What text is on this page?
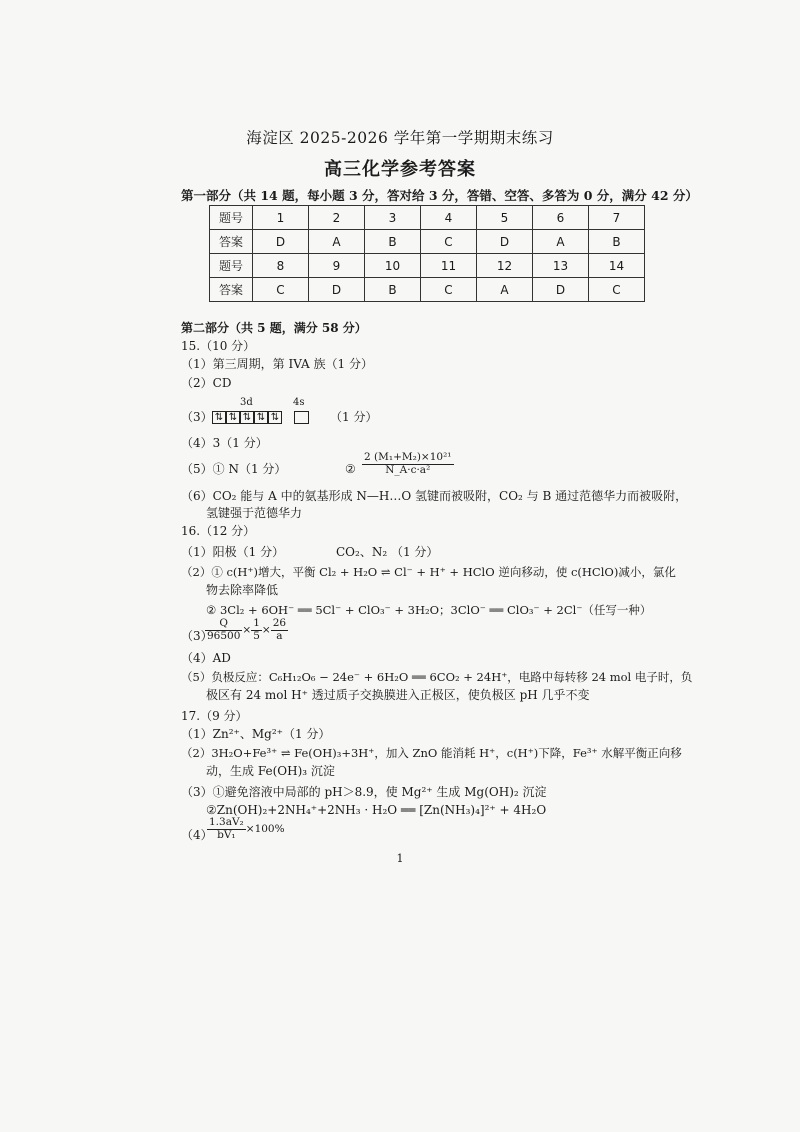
海淀区 2025-2026 学年第一学期期末练习
高三化学参考答案
第一部分（共 14 题，每小题 3 分，答对给 3 分，答错、空答、多答为 0 分，满分 42 分）
题号	1	2	3	4	5	6	7
答案	D	A	B	C	D	A	B
题号	8	9	10	11	12	13	14
答案	C	D	B	C	A	D	C
第二部分（共 5 题，满分 58 分）
15.（10 分）
（1）第三周期，第 IVA 族（1 分）
（2）CD
（3）
3d	4s
⇅ ⇅ ⇅ ⇅ ⇅	（1 分）
（4）3（1 分）
（5）① N（1 分）	② $\frac{\text{2 (M₁+M₂)×10²¹}}{\text{N\_A·c·a²}}$
（6）CO₂ 能与 A 中的氨基形成 N—H…O 氢键而被吸附，CO₂ 与 B 通过范德华力而被吸附，
氢键强于范德华力
16.（12 分）
（1）阳极（1 分）	CO₂、N₂ （1 分）
（2）① c(H⁺)增大，平衡 Cl₂ + H₂O ⇌ Cl⁻ + H⁺ + HClO 逆向移动，使 c(HClO)减小，氯化
物去除率降低
② 3Cl₂ + 6OH⁻ ══ 5Cl⁻ + ClO₃⁻ + 3H₂O；3ClO⁻ ══ ClO₃⁻ + 2Cl⁻（任写一种）
（3）
$\frac{Q}{96500} \times \frac{1}{5} \times \frac{26}{a}$
（4）AD
（5）负极反应：C₆H₁₂O₆ − 24e⁻ + 6H₂O ══ 6CO₂ + 24H⁺，电路中每转移 24 mol 电子时，负
极区有 24 mol H⁺ 透过质子交换膜进入正极区，使负极区 pH 几乎不变
17.（9 分）
（1）Zn²⁺、Mg²⁺（1 分）
（2）3H₂O+Fe³⁺ ⇌ Fe(OH)₃+3H⁺，加入 ZnO 能消耗 H⁺，c(H⁺)下降，Fe³⁺ 水解平衡正向移
动，生成 Fe(OH)₃ 沉淀
（3）①避免溶液中局部的 pH＞8.9，使 Mg²⁺ 生成 Mg(OH)₂ 沉淀
②Zn(OH)₂+2NH₄⁺+2NH₃ · H₂O ══ [Zn(NH₃)₄]²⁺ + 4H₂O
（4）
$\frac{\text{1.3aV₂}}{\text{bV₁}} \times 100\%$
1
